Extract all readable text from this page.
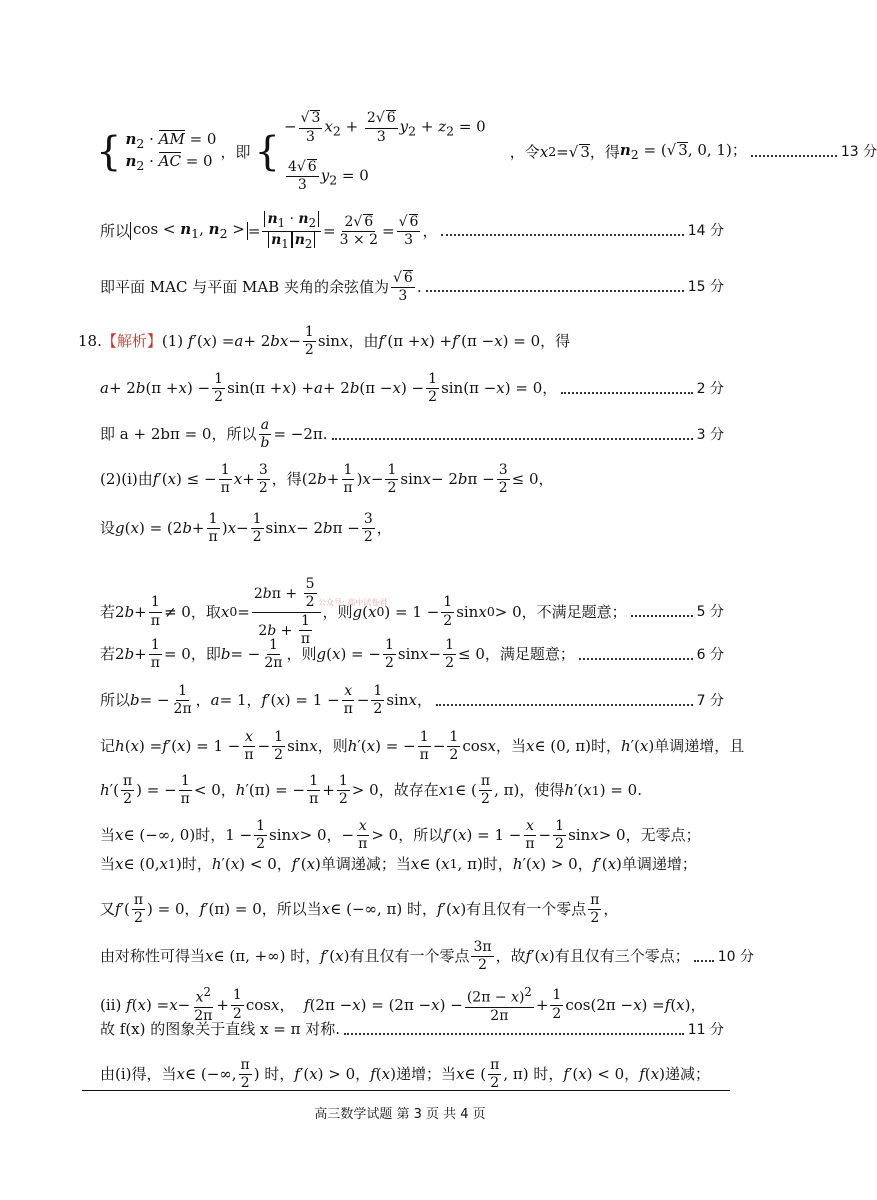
{ $n_2$ · AM = 0
$n_2$ · AC = 0
，即 {
− √ $\frac{3}{3} x_2 + \frac{2 √ 6}{3} y_2 + z_2 = 0$
$\frac{4 √ 6}{3} y_2 = 0$
，令 x 2 = √ 3 ，得 $n_2$ = ( √ 3, 0, 1)；	13 分
所以 $\cos < n_1$, $n_2$ > = $\frac{n_1 \cdot n_2}{n_1 n_2} = \frac{2 √ 6}{3 \times 2}$ = √ $\frac{6}{3}$ ，	14 分
即平面 MAC 与平面 MAB 夹角的余弦值为 √ $\frac{6}{3}$ .	15 分
18. 【解析】 (1)
f ′( x ) = a + 2 bx − $\frac{1}{2}$ sin x ，由 f ′(π + x ) + f ′(π − x ) = 0 ，得
a + 2 b (π + x ) − $\frac{1}{2} \sin(\pi + x$ ) + a + 2 b (π − x ) − $\frac{1}{2} \sin(\pi - x$ ) = 0，	2 分
即 a + 2bπ = 0，所以 $\frac{a}{b} = -2\pi$.	3 分
(2)(ⅰ)由 f ′( x ) ≤ − $\frac{1}{\pi}$ $x + \frac{3}{2}$ ，得 (2 $b + \frac{1}{\pi}$ ) $x - \frac{1}{2}$ sin x − 2 b $\pi - \frac{3}{2} \le 0$，
设 g ( x ) = (2 $b + \frac{1}{\pi}$ ) $x - \frac{1}{2}$ sin x − 2 b $\pi - \frac{3}{2}$ ，
若 2 $b + \frac{1}{\pi} \ne 0$ ，取 x $0 = \frac{2b\pi + \frac{5}{2}}{2b + \frac{1}{\pi}}$ ，则 g ( x 0 ) = $1 - \frac{1}{2}$ sin x 0 > 0 ，不满足题意；	5 分
公众号: 高中试卷君
若 2 $b + \frac{1}{\pi} = 0$ ，即 b = − $\frac{1}{2\pi}$ ，则 g ( x ) = − $\frac{1}{2}$ $\sin x - \frac{1}{2} \le 0$ ，满足题意；	6 分
所以 b = − $\frac{1}{2\pi}$ ， a = 1， f ′( x ) = $1 - \frac{x}{\pi} - \frac{1}{2}$ sin x ，	7 分
记 h ( x ) = f ′( x ) = $1 - \frac{x}{\pi} - \frac{1}{2}$ sin x ，则 h ′( x ) = − $\frac{1}{\pi} - \frac{1}{2}$ cos x ，当 x ∈ (0, π) 时， h ′( x ) 单调递增，且
h ′( $\frac{\pi}{2}$ ) = − $\frac{1}{\pi} < 0$， h ′(π) = − $\frac{1}{\pi} + \frac{1}{2} > 0$ ，故存在 x 1 ∈ ( $\frac{\pi}{2}$ , π) ，使得 h ′( x 1 ) = 0.
当 x ∈ (−∞, 0) 时， $1 - \frac{1}{2}$ sin x > 0，− $\frac{x}{\pi} > 0$ ，所以 f ′( x ) = $1 - \frac{x}{\pi} - \frac{1}{2}$ sin x > 0 ，无零点；
当 x ∈ (0, x 1 ) 时， h ′( x ) < 0， f ′( x ) 单调递减；当 x ∈ ( x 1 , π) 时， h ′( x ) > 0， f ′( x ) 单调递增；
又 f ′( $\frac{\pi}{2}$ ) = 0， f ′(π) = 0 ，所以当 x ∈ (−∞, π) 时， f ′( x ) 有且仅有一个零点 $\frac{\pi}{2}$ ，
由对称性可得当 x ∈ (π, +∞) 时， f ′( x ) 有且仅有一个零点 $\frac{3\pi}{2}$ ，故 f ′( x ) 有且仅有三个零点； 10 分
(ⅱ)
f ( x ) = $x - \frac{x^2}{2\pi} + \frac{1}{2}$ cos x ， f (2π − x ) = (2π − x ) − $\frac{(2\pi - x)^2}{2\pi} + \frac{1}{2} \cos(2\pi - x$ ) = f ( x )，
故 f(x) 的图象关于直线 x = π 对称.	11 分
由(ⅰ)得，当 x ∈ (−∞, $\frac{\pi}{2}$ ) 时， f ′( x ) > 0， f ( x ) 递增；当 x ∈ ( $\frac{\pi}{2}$ , π) 时， f ′( x ) < 0， f ( x ) 递减；
高三数学试题 第 3 页 共 4 页
